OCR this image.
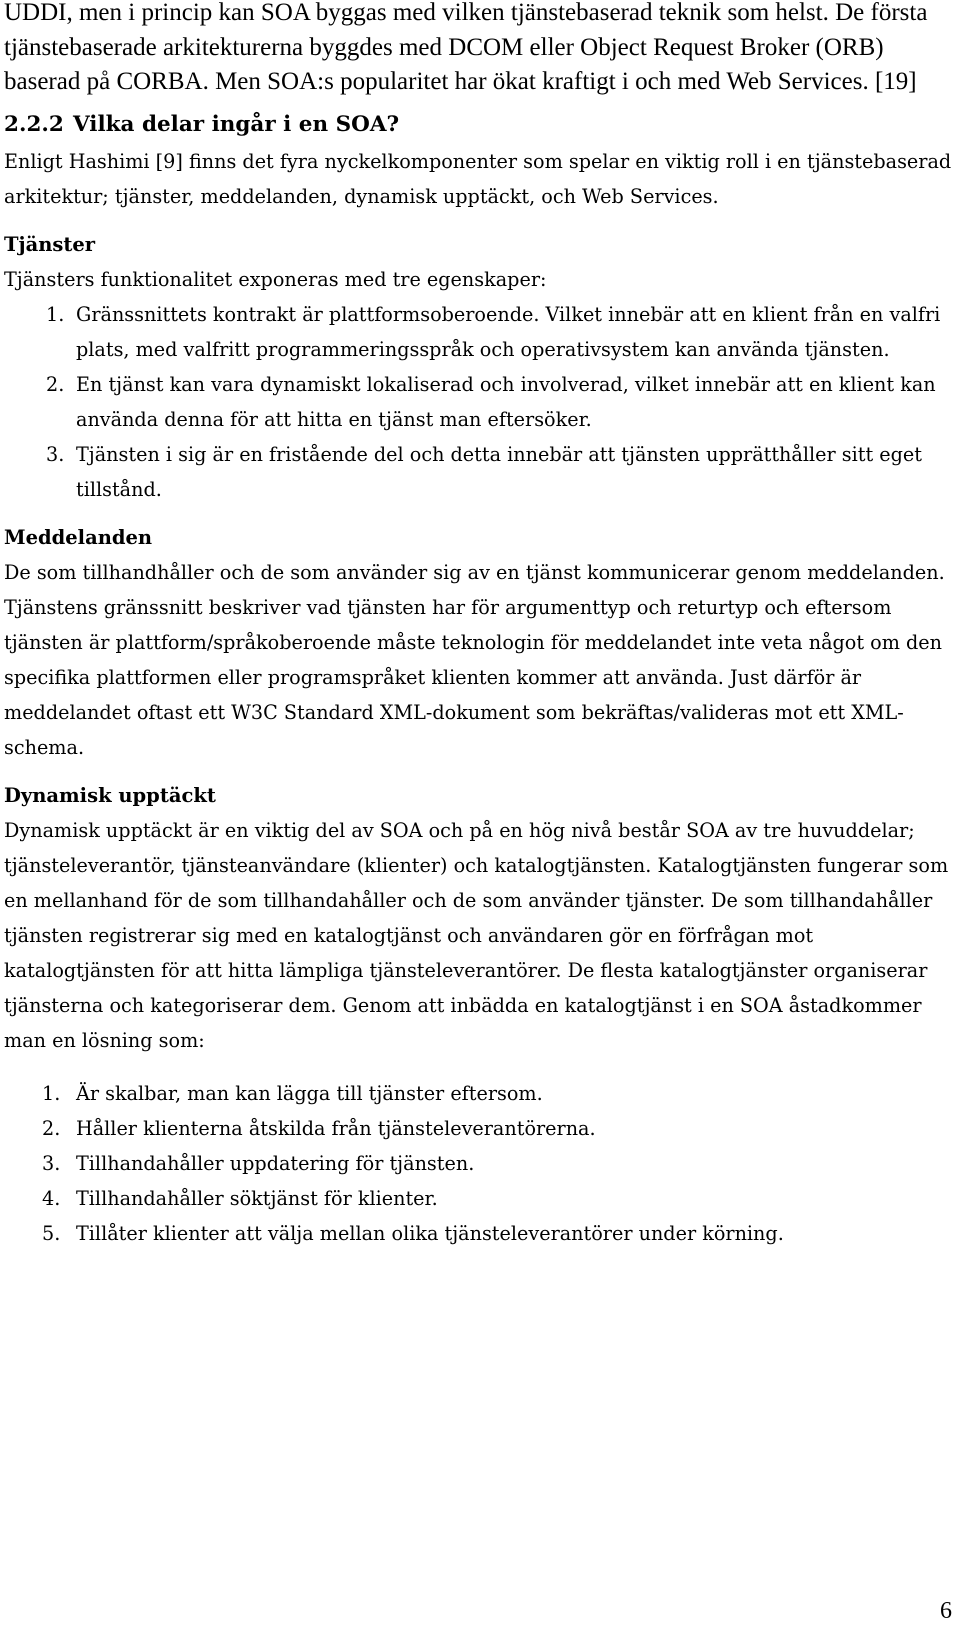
UDDI, men i princip kan SOA byggas med vilken tjänstebaserad teknik som helst. De första tjänstebaserade arkitekturerna byggdes med DCOM eller Object Request Broker (ORB) baserad på CORBA. Men SOA:s popularitet har ökat kraftigt i och med Web Services. [19]

2.2.2 Vilka delar ingår i en SOA?

Enligt Hashimi [9] finns det fyra nyckelkomponenter som spelar en viktig roll i en tjänstebaserad arkitektur; tjänster, meddelanden, dynamisk upptäckt, och Web Services.

Tjänster

Tjänsters funktionalitet exponeras med tre egenskaper:

1. Gränssnittets kontrakt är plattformsoberoende. Vilket innebär att en klient från en valfri plats, med valfritt programmeringsspråk och operativsystem kan använda tjänsten.
2. En tjänst kan vara dynamiskt lokaliserad och involverad, vilket innebär att en klient kan använda denna för att hitta en tjänst man eftersöker.
3. Tjänsten i sig är en fristående del och detta innebär att tjänsten upprätthåller sitt eget tillstånd.
Meddelanden

De som tillhandhåller och de som använder sig av en tjänst kommunicerar genom meddelanden. Tjänstens gränssnitt beskriver vad tjänsten har för argumenttyp och returtyp och eftersom tjänsten är plattform/språkoberoende måste teknologin för meddelandet inte veta något om den specifika plattformen eller programspråket klienten kommer att använda. Just därför är meddelandet oftast ett W3C Standard XML-dokument som bekräftas/valideras mot ett XML-schema.

Dynamisk upptäckt

Dynamisk upptäckt är en viktig del av SOA och på en hög nivå består SOA av tre huvuddelar; tjänsteleverantör, tjänsteanvändare (klienter) och katalogtjänsten. Katalogtjänsten fungerar som en mellanhand för de som tillhandahåller och de som använder tjänster. De som tillhandahåller tjänsten registrerar sig med en katalogtjänst och användaren gör en förfrågan mot katalogtjänsten för att hitta lämpliga tjänsteleverantörer. De flesta katalogtjänster organiserar tjänsterna och kategoriserar dem. Genom att inbädda en katalogtjänst i en SOA åstadkommer man en lösning som:

1. Är skalbar, man kan lägga till tjänster eftersom.
2. Håller klienterna åtskilda från tjänsteleverantörerna.
3. Tillhandahåller uppdatering för tjänsten.
4. Tillhandahåller söktjänst för klienter.
5. Tillåter klienter att välja mellan olika tjänsteleverantörer under körning.
6
